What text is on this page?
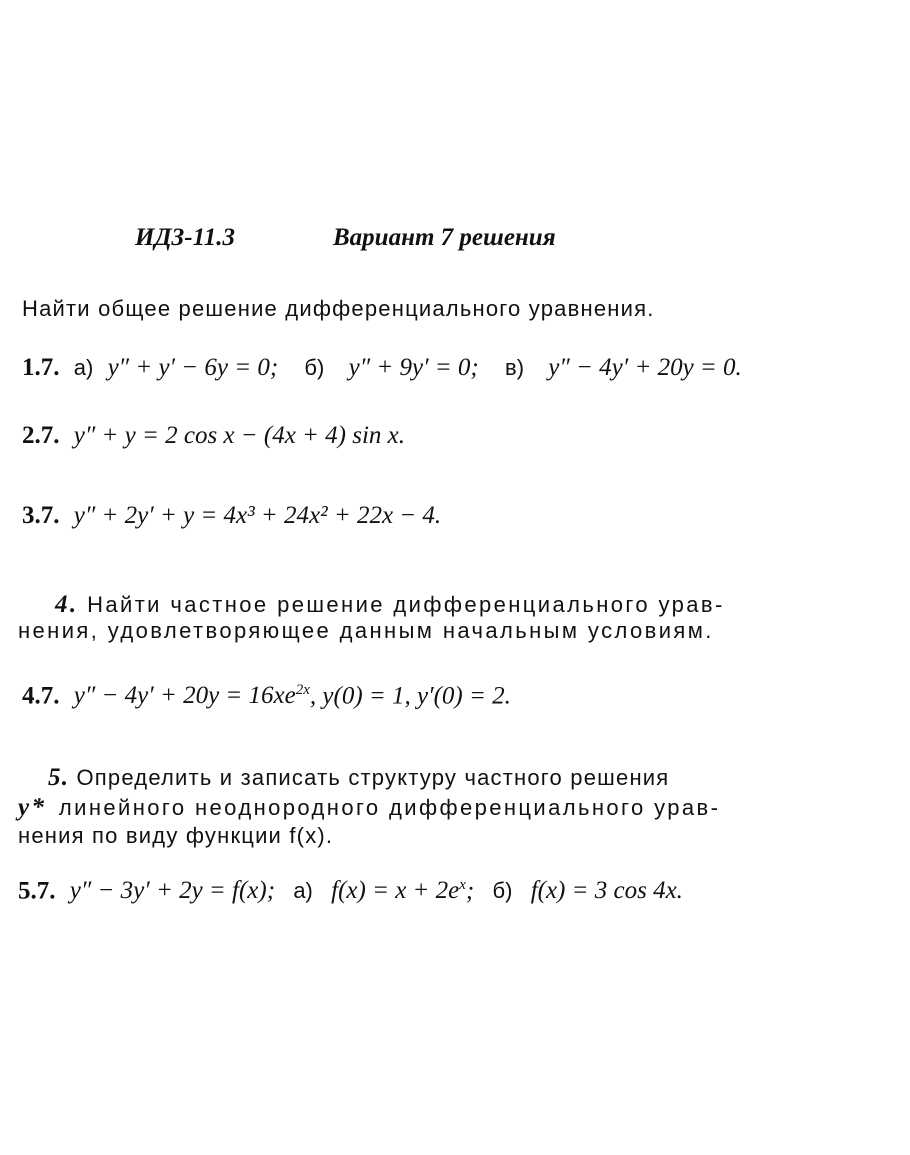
ИДЗ-11.3	Вариант 7 решения
Найти общее решение дифференциального уравнения.
1.7. а) y″ + y′ − 6y = 0; б) y″ + 9y′ = 0; в) y″ − 4y′ + 20y = 0.
2.7. y″ + y = 2 cos x − (4x + 4) sin x.
3.7. y″ + 2y′ + y = 4x³ + 24x² + 22x − 4.
4. Найти частное решение дифференциального урав-
нения, удовлетворяющее данным начальным условиям.
4.7. $y'' - 4y' + 20y = 16xe^{2x}$, y(0) = 1, y′(0) = 2.
5. Определить и записать структуру частного решения
y* линейного неоднородного дифференциального урав-
нения по виду функции f(x).
5.7. y″ − 3y′ + 2y = f(x); а) $f(x) = x + 2e^x$; б) f(x) = 3 cos 4x.
